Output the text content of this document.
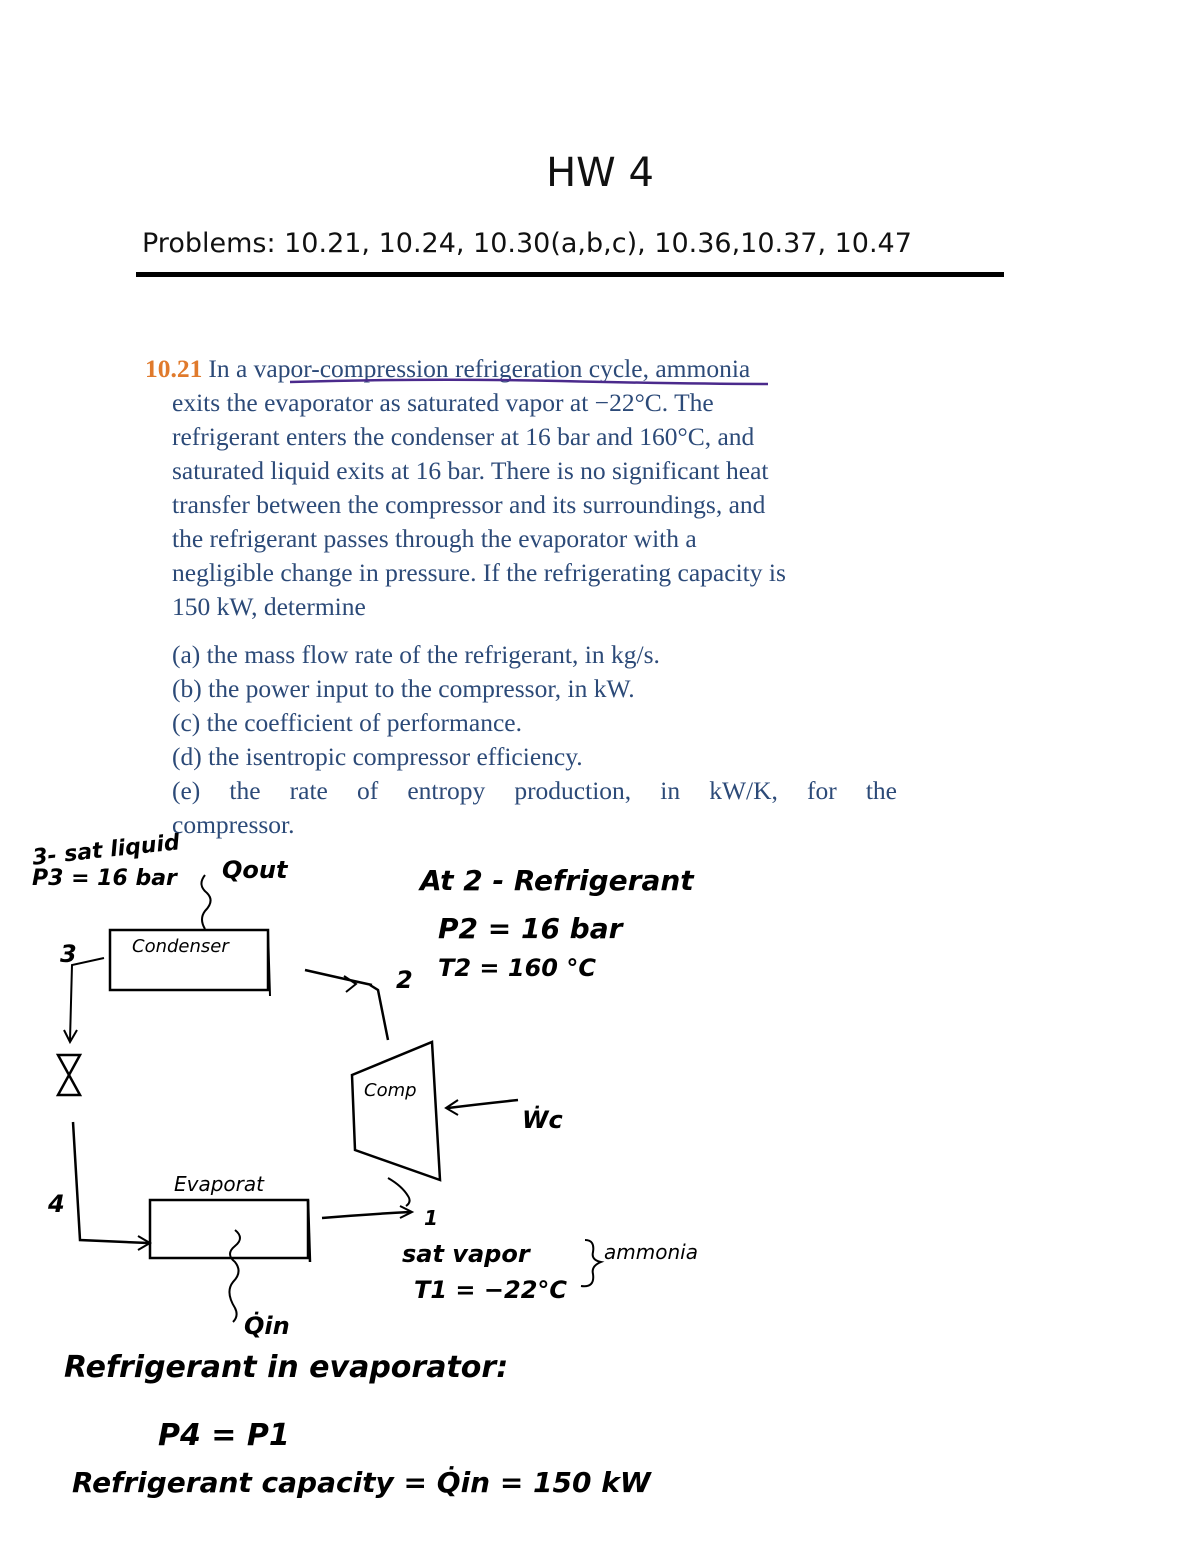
HW 4
Problems: 10.21, 10.24, 10.30(a,b,c), 10.36,10.37, 10.47
10.21 In a vapor-compression refrigeration cycle, ammonia
exits the evaporator as saturated vapor at −22°C. The
refrigerant enters the condenser at 16 bar and 160°C, and
saturated liquid exits at 16 bar. There is no significant heat
transfer between the compressor and its surroundings, and
the refrigerant passes through the evaporator with a
negligible change in pressure. If the refrigerating capacity is
150 kW, determine
(a) the mass flow rate of the refrigerant, in kg/s.
(b) the power input to the compressor, in kW.
(c) the coefficient of performance.
(d) the isentropic compressor efficiency.
(e) the rate of entropy production, in kW/K, for the
compressor.
3- sat liquid
P3 = 16 bar Qout
Condenser
3
2
4	1
At 2 - Refrigerant
P2 = 16 bar
T2 = 160 °C
Comp
Ẇc
Evaporat
Q̇in
sat vapor
T1 = −22°C
ammonia
Refrigerant in evaporator:
P4 = P1
Refrigerant capacity = Q̇in = 150 kW
